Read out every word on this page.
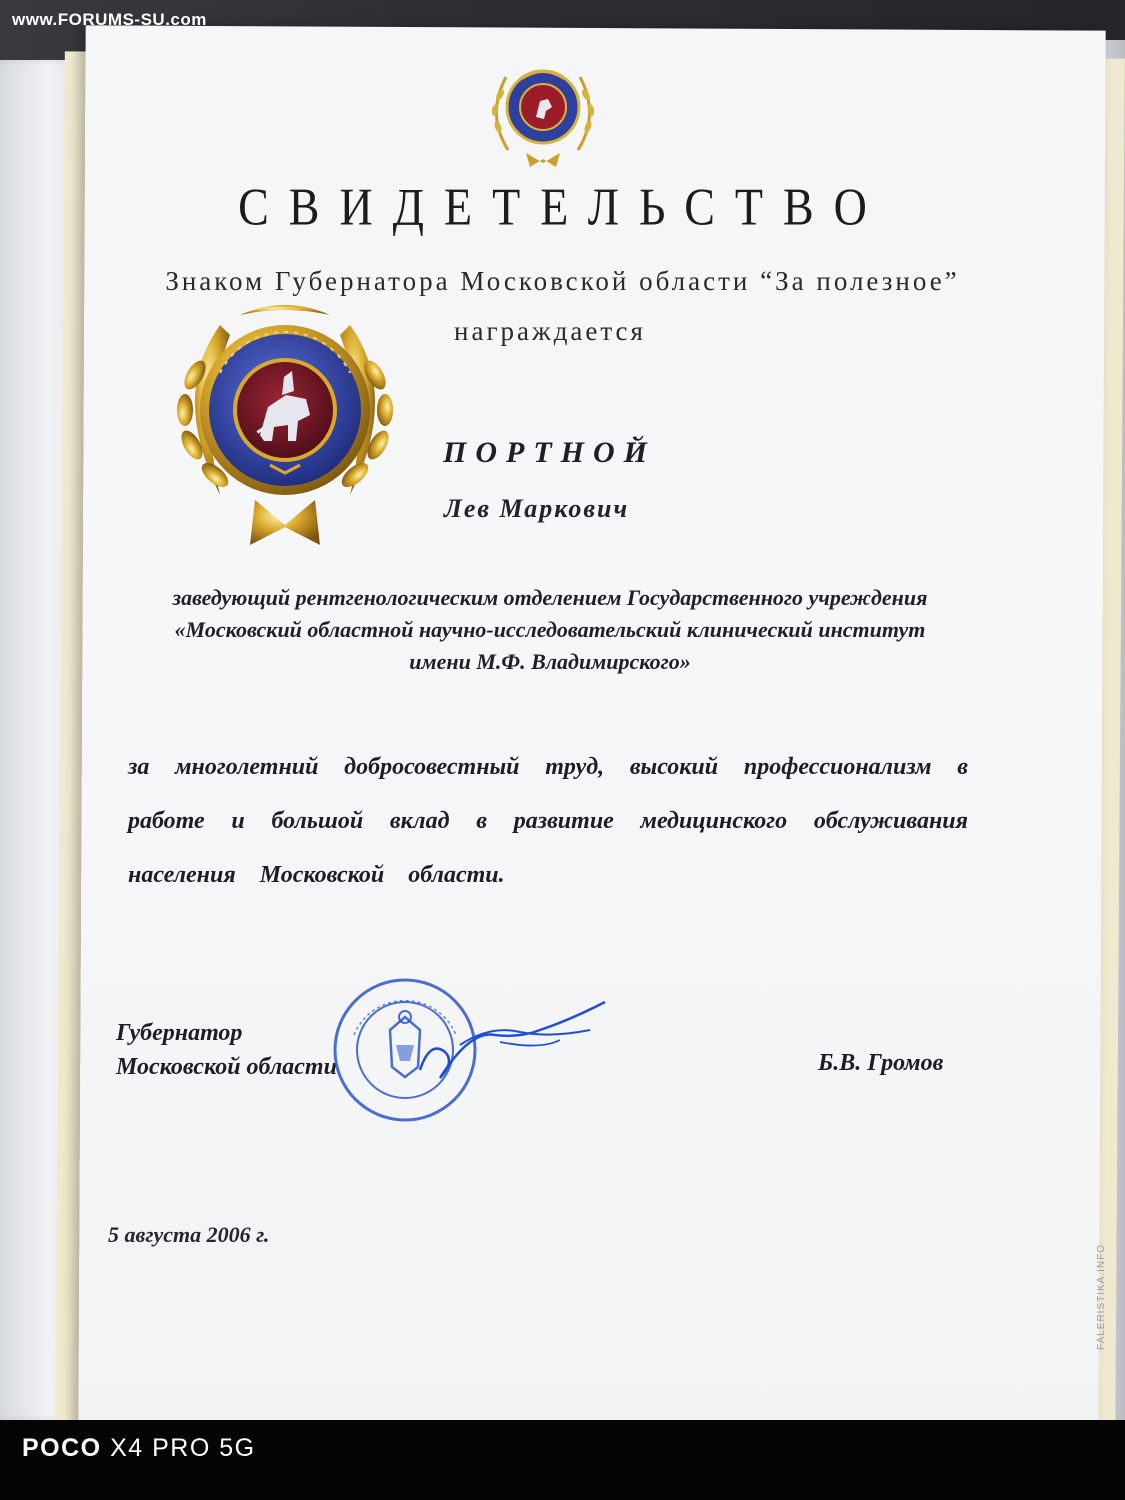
www.FORUMS-SU.com
СВИДЕТЕЛЬСТВО
Знаком Губернатора Московской области “За полезное”
награждается
ПОРТНОЙ
Лев Маркович
заведующий рентгенологическим отделением Государственного учреждения «Московский областной научно-исследовательский клинический институт имени М.Ф. Владимирского»
за многолетний добросовестный труд, высокий профессионализм в работе и большой вклад в развитие медицинского обслуживания населения Московской области.
Губернатор
Московской области	Б.В. Громов
5 августа 2006 г.
FALERISTIKA.INFO
POCO X4 PRO 5G
